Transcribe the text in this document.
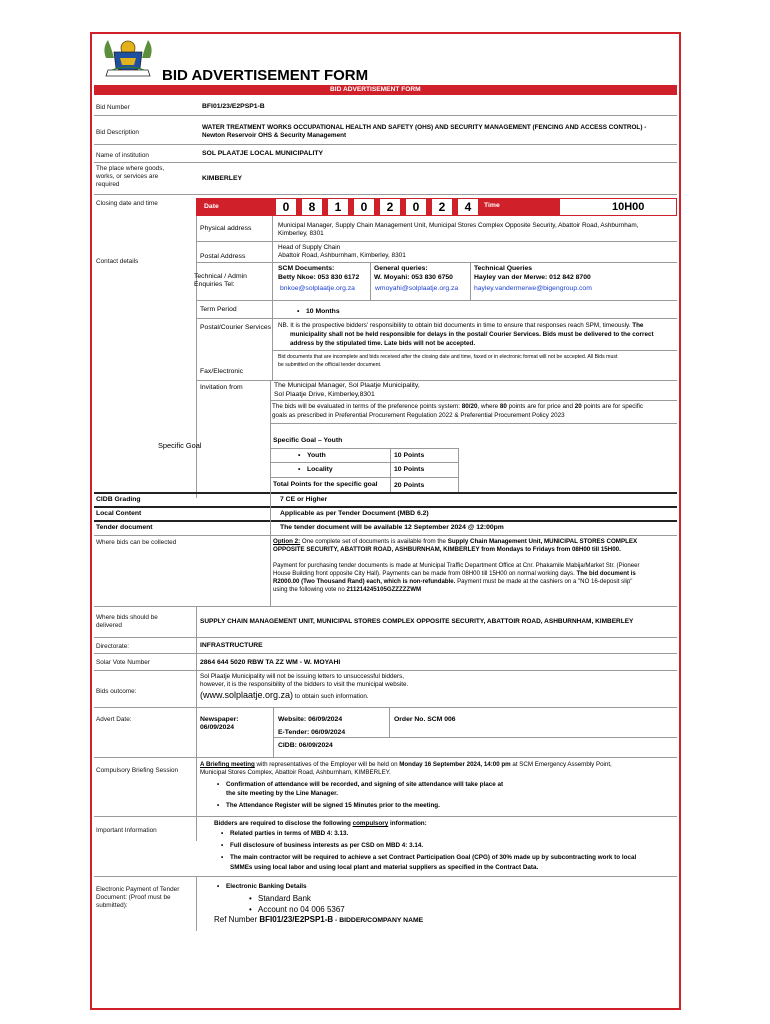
BID ADVERTISEMENT FORM
BID ADVERTISEMENT FORM
Bid Number	BFI01/23/E2PSP1-B
Bid Description
WATER TREATMENT WORKS OCCUPATIONAL HEALTH AND SAFETY (OHS) AND SECURITY MANAGEMENT (FENCING AND ACCESS CONTROL) -
Newton Reservoir OHS & Security Management
Name of institution	SOL PLAATJE LOCAL MUNICIPALITY
The place where goods,
works, or services are
required
KIMBERLEY
Closing date and time	Date	0	8	1	0	2	0	2	4	Time	10H00
Contact details
Physical address	Municipal Manager, Supply Chain Management Unit, Municipal Stores Complex Opposite Security, Abattoir Road, Ashburnham,
Kimberley, 8301
Postal Address
Head of Supply Chain
Abattoir Road, Ashburnham, Kimberley, 8301
Technical / Admin
Enquiries Tel:
SCM Documents:
Betty Nkoe: 053 830 6172
bnkoe@solplaatje.org.za
General queries:
W. Moyahi: 053 830 6750
wmoyahi@solplaatje.org.za
Technical Queries
Hayley van der Merwe: 012 842 8700
hayley.vandermerwe@bigengroup.com
Term Period
•	10 Months
Postal/Courier Services NB. It is the prospective bidders' responsibility to obtain bid documents in time to ensure that responses reach SPM, timeously. The
municipality shall not be held responsible for delays in the postal/ Courier Services. Bids must be delivered to the correct
address by the stipulated time. Late bids will not be accepted.
Fax/Electronic
Bid documents that are incomplete and bids received after the closing date and time, faxed or in electronic format will not be accepted. All Bids must
be submitted on the official tender document.
Invitation from	The Municipal Manager, Sol Plaatje Municipality,
Sol Plaatje Drive, Kimberley,8301
Specific Goal
The bids will be evaluated in terms of the preference points system: 80/20, where 80 points are for price and 20 points are for specific
goals as prescribed in Preferential Procurement Regulation 2022 & Preferential Procurement Policy 2023
Specific Goal – Youth
• Youth	10 Points
• Locality	10 Points
Total Points for the specific goal 20 Points
CIDB Grading	7 CE or Higher
Local Content	Applicable as per Tender Document (MBD 6.2)
Tender document	The tender document will be available 12 September 2024 @ 12:00pm
Where bids can be collected	Option 2: One complete set of documents is available from the Supply Chain Management Unit, MUNICIPAL STORES COMPLEX
OPPOSITE SECURITY, ABATTOIR ROAD, ASHBURNHAM, KIMBERLEY from Mondays to Fridays from 08H00 till 15H00.
Payment for purchasing tender documents is made at Municipal Traffic Department Office at Cnr. Phakamile Mabija/Market Str. (Pioneer
House Building front opposite City Hall). Payments can be made from 08H00 till 15H00 on normal working days. The bid document is
R2000.00 (Two Thousand Rand) each, which is non-refundable. Payment must be made at the cashiers on a "NO 16-deposit slip"
using the following vote no 211214245105GZZZZZWM
Where bids should be
delivered
SUPPLY CHAIN MANAGEMENT UNIT, MUNICIPAL STORES COMPLEX OPPOSITE SECURITY, ABATTOIR ROAD, ASHBURNHAM, KIMBERLEY
Directorate:	INFRASTRUCTURE
Solar Vote Number	2864 644 5020 RBW TA ZZ WM - W. MOYAHI
Bids outcome:
Sol Plaatje Municipality will not be issuing letters to unsuccessful bidders,
however, it is the responsibility of the bidders to visit the municipal website.
(www.solplaatje.org.za) to obtain such information.
Advert Date:	Newspaper:
06/09/2024
Website: 06/09/2024	Order No. SCM 006
E-Tender: 06/09/2024
CIDB: 06/09/2024
Compulsory Briefing Session
A Briefing meeting with representatives of the Employer will be held on Monday 16 September 2024, 14:00 pm at SCM Emergency Assembly Point,
Municipal Stores Complex, Abattoir Road, Ashburnham, KIMBERLEY.
• Confirmation of attendance will be recorded, and signing of site attendance will take place at
the site meeting by the Line Manager.
• The Attendance Register will be signed 15 Minutes prior to the meeting.
Important Information
Bidders are required to disclose the following compulsory information:
• Related parties in terms of MBD 4: 3.13.
• Full disclosure of business interests as per CSD on MBD 4: 3.14.
• The main contractor will be required to achieve a set Contract Participation Goal (CPG) of 30% made up by subcontracting work to local
SMMEs using local labor and using local plant and material suppliers as specified in the Contract Data.
Electronic Payment of Tender
Document: (Proof must be
submitted):
• Electronic Banking Details
• Standard Bank
• Account no 04 006 5367
Ref Number BFI01/23/E2PSP1-B - BIDDER/COMPANY NAME
